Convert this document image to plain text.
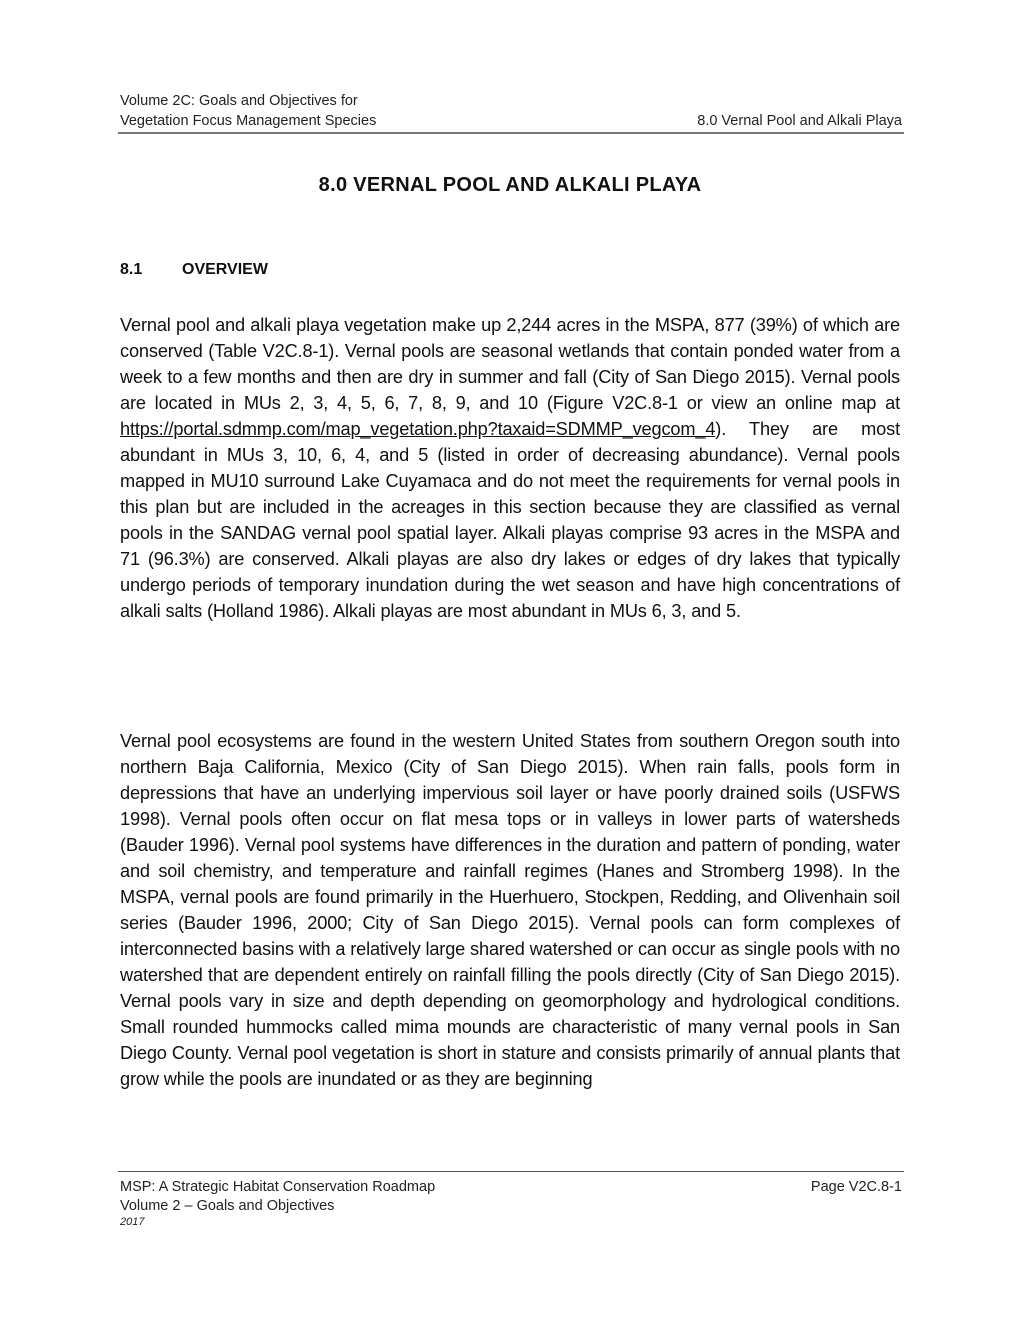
Volume 2C: Goals and Objectives for
Vegetation Focus Management Species	8.0 Vernal Pool and Alkali Playa
8.0 VERNAL POOL AND ALKALI PLAYA
8.1 OVERVIEW

Vernal pool and alkali playa vegetation make up 2,244 acres in the MSPA, 877 (39%) of which are conserved (Table V2C.8-1). Vernal pools are seasonal wetlands that contain ponded water from a week to a few months and then are dry in summer and fall (City of San Diego 2015). Vernal pools are located in MUs 2, 3, 4, 5, 6, 7, 8, 9, and 10 (Figure V2C.8-1 or view an online map at https://portal.sdmmp.com/map_vegetation.php?taxaid=SDMMP_vegcom_4). They are most abundant in MUs 3, 10, 6, 4, and 5 (listed in order of decreasing abundance). Vernal pools mapped in MU10 surround Lake Cuyamaca and do not meet the requirements for vernal pools in this plan but are included in the acreages in this section because they are classified as vernal pools in the SANDAG vernal pool spatial layer. Alkali playas comprise 93 acres in the MSPA and 71 (96.3%) are conserved. Alkali playas are also dry lakes or edges of dry lakes that typically undergo periods of temporary inundation during the wet season and have high concentrations of alkali salts (Holland 1986). Alkali playas are most abundant in MUs 6, 3, and 5.

Vernal pool ecosystems are found in the western United States from southern Oregon south into northern Baja California, Mexico (City of San Diego 2015). When rain falls, pools form in depressions that have an underlying impervious soil layer or have poorly drained soils (USFWS 1998). Vernal pools often occur on flat mesa tops or in valleys in lower parts of watersheds (Bauder 1996). Vernal pool systems have differences in the duration and pattern of ponding, water and soil chemistry, and temperature and rainfall regimes (Hanes and Stromberg 1998). In the MSPA, vernal pools are found primarily in the Huerhuero, Stockpen, Redding, and Olivenhain soil series (Bauder 1996, 2000; City of San Diego 2015). Vernal pools can form complexes of interconnected basins with a relatively large shared watershed or can occur as single pools with no watershed that are dependent entirely on rainfall filling the pools directly (City of San Diego 2015). Vernal pools vary in size and depth depending on geomorphology and hydrological conditions. Small rounded hummocks called mima mounds are characteristic of many vernal pools in San Diego County. Vernal pool vegetation is short in stature and consists primarily of annual plants that grow while the pools are inundated or as they are beginning

MSP: A Strategic Habitat Conservation Roadmap	Page V2C.8-1
Volume 2 – Goals and Objectives
2017
